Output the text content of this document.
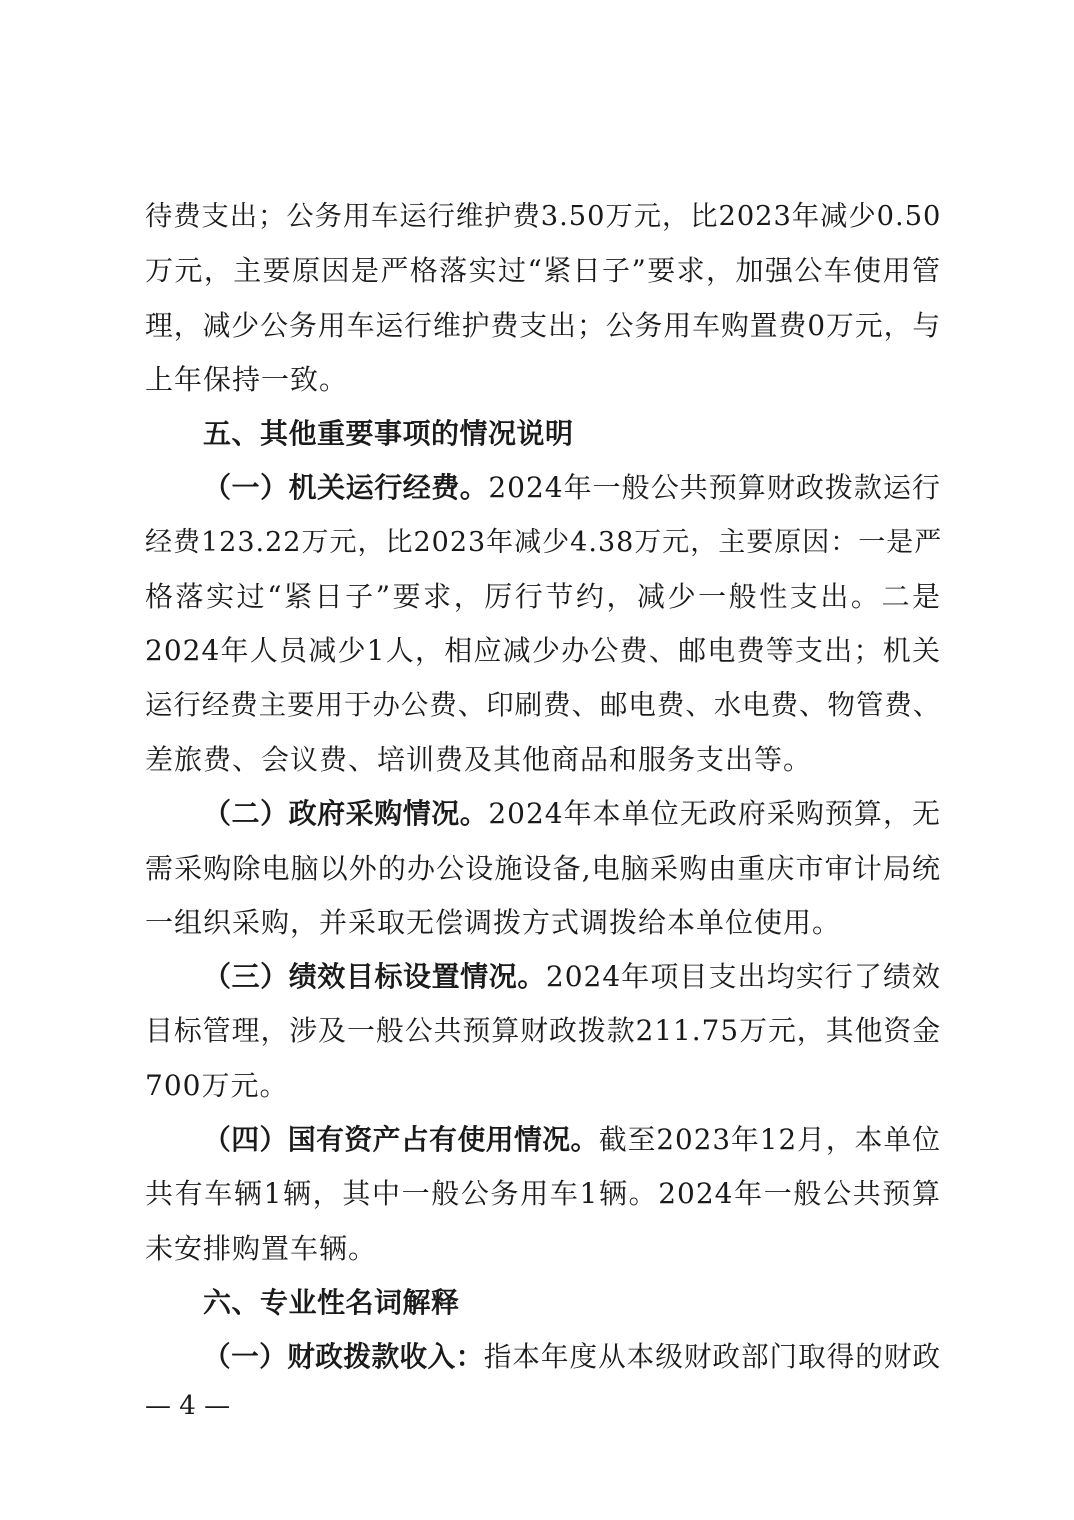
待费支出；公务用车运行维护费3.50万元，比2023年减少0.50
万元，主要原因是严格落实过“紧日子”要求，加强公车使用管
理，减少公务用车运行维护费支出；公务用车购置费0万元，与
上年保持一致。
五、其他重要事项的情况说明
（一）机关运行经费。2024年一般公共预算财政拨款运行
经费123.22万元，比2023年减少4.38万元，主要原因：一是严
格落实过“紧日子”要求，厉行节约，减少一般性支出。二是
2024年人员减少1人，相应减少办公费、邮电费等支出；机关
运行经费主要用于办公费、印刷费、邮电费、水电费、物管费、
差旅费、会议费、培训费及其他商品和服务支出等。
（二）政府采购情况。2024年本单位无政府采购预算，无
需采购除电脑以外的办公设施设备,电脑采购由重庆市审计局统
一组织采购，并采取无偿调拨方式调拨给本单位使用。
（三）绩效目标设置情况。2024年项目支出均实行了绩效
目标管理，涉及一般公共预算财政拨款211.75万元，其他资金
700万元。
（四）国有资产占有使用情况。截至2023年12月，本单位
共有车辆1辆，其中一般公务用车1辆。2024年一般公共预算
未安排购置车辆。
六、专业性名词解释
（一）财政拨款收入：指本年度从本级财政部门取得的财政
— 4 —
